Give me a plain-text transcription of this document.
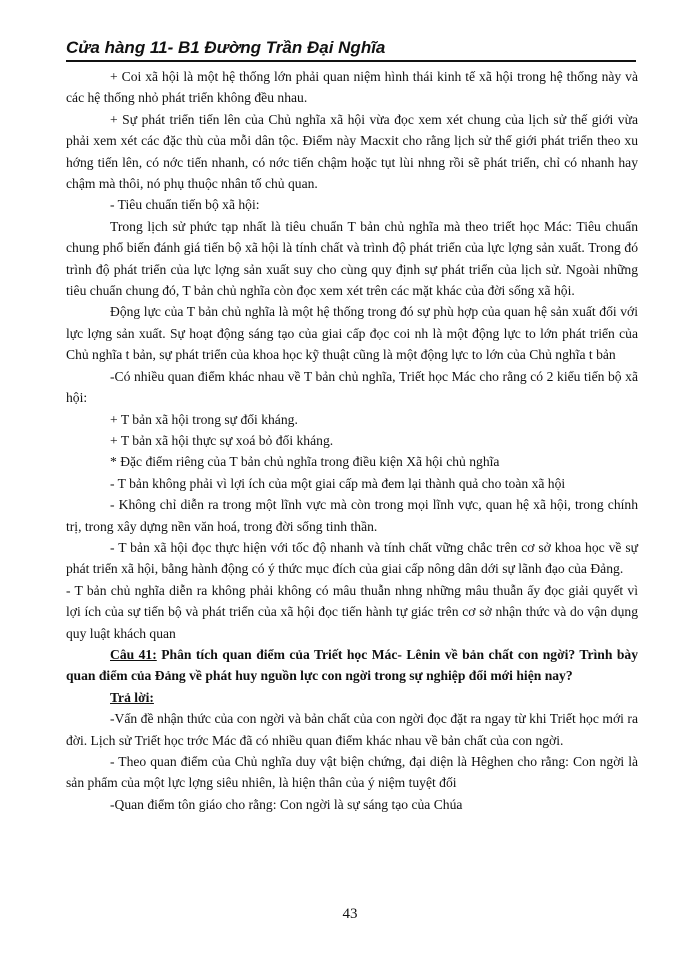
Cửa hàng 11- B1 Đường Trần Đại Nghĩa

+ Coi xã hội là một hệ thống lớn phải quan niệm hình thái kinh tế xã hội trong hệ thống này và các hệ thống nhỏ phát triển không đều nhau.

+ Sự phát triển tiến lên của Chủ nghĩa xã hội vừa đọc xem xét chung của lịch sử thế giới vừa phải xem xét các đặc thù của mỗi dân tộc. Điểm này Macxit cho rằng lịch sử thế giới phát triển theo xu hớng tiến lên, có nớc tiến nhanh, có nớc tiến chậm hoặc tụt lùi nhng rồi sẽ phát triển, chỉ có nhanh hay chậm mà thôi, nó phụ thuộc nhân tố chủ quan.

- Tiêu chuẩn tiến bộ xã hội:

Trong lịch sử phức tạp nhất là tiêu chuẩn T bản chủ nghĩa mà theo triết học Mác: Tiêu chuẩn chung phổ biến đánh giá tiến bộ xã hội là tính chất và trình độ phát triển của lực lợng sản xuất. Trong đó trình độ phát triển của lực lợng sản xuất suy cho cùng quy định sự phát triển của lịch sử. Ngoài những tiêu chuẩn chung đó, T bản chủ nghĩa còn đọc xem xét trên các mặt khác của đời sống xã hội.

Động lực của T bản chủ nghĩa là một hệ thống trong đó sự phù hợp của quan hệ sản xuất đối với lực lợng sản xuất. Sự hoạt động sáng tạo của giai cấp đọc coi nh là một động lực to lớn phát triển của Chủ nghĩa t bản, sự phát triển của khoa học kỹ thuật cũng là một động lực to lớn của Chủ nghĩa t bản

-Có nhiều quan điểm khác nhau về T bản chủ nghĩa, Triết học Mác cho rằng có 2 kiểu tiến bộ xã hội:

+ T bản xã hội trong sự đối kháng.

+ T bản xã hội thực sự xoá bỏ đối kháng.

* Đặc điểm riêng của T bản chủ nghĩa trong điều kiện Xã hội chủ nghĩa

- T bản không phải vì lợi ích của một giai cấp mà đem lại thành quả cho toàn xã hội

- Không chỉ diễn ra trong một lĩnh vực mà còn trong mọi lĩnh vực, quan hệ xã hội, trong chính trị, trong xây dựng nền văn hoá, trong đời sống tinh thần.

- T bản xã hội đọc thực hiện với tốc độ nhanh và tính chất vững chắc trên cơ sở khoa học về sự phát triển xã hội, bằng hành động có ý thức mục đích của giai cấp nông dân dới sự lãnh đạo của Đảng.

- T bản chủ nghĩa diễn ra không phải không có mâu thuẫn nhng những mâu thuẫn ấy đọc giải quyết vì lợi ích của sự tiến bộ và phát triển của xã hội đọc tiến hành tự giác trên cơ sở nhận thức và do vận dụng quy luật khách quan

Câu 41: Phân tích quan điểm của Triết học Mác- Lênin về bản chất con ngời? Trình bày quan điểm của Đảng về phát huy nguồn lực con ngời trong sự nghiệp đổi mới hiện nay?

Trả lời:

-Vấn đề nhận thức của con ngời và bản chất của con ngời đọc đặt ra ngay từ khi Triết học mới ra đời. Lịch sử Triết học trớc Mác đã có nhiều quan điểm khác nhau về bản chất của con ngời.

- Theo quan điểm của Chủ nghĩa duy vật biện chứng, đại diện là Hêghen cho rằng: Con ngời là sản phẩm của một lực lợng siêu nhiên, là hiện thân của ý niệm tuyệt đối

-Quan điểm tôn giáo cho rằng: Con ngời là sự sáng tạo của Chúa

43
